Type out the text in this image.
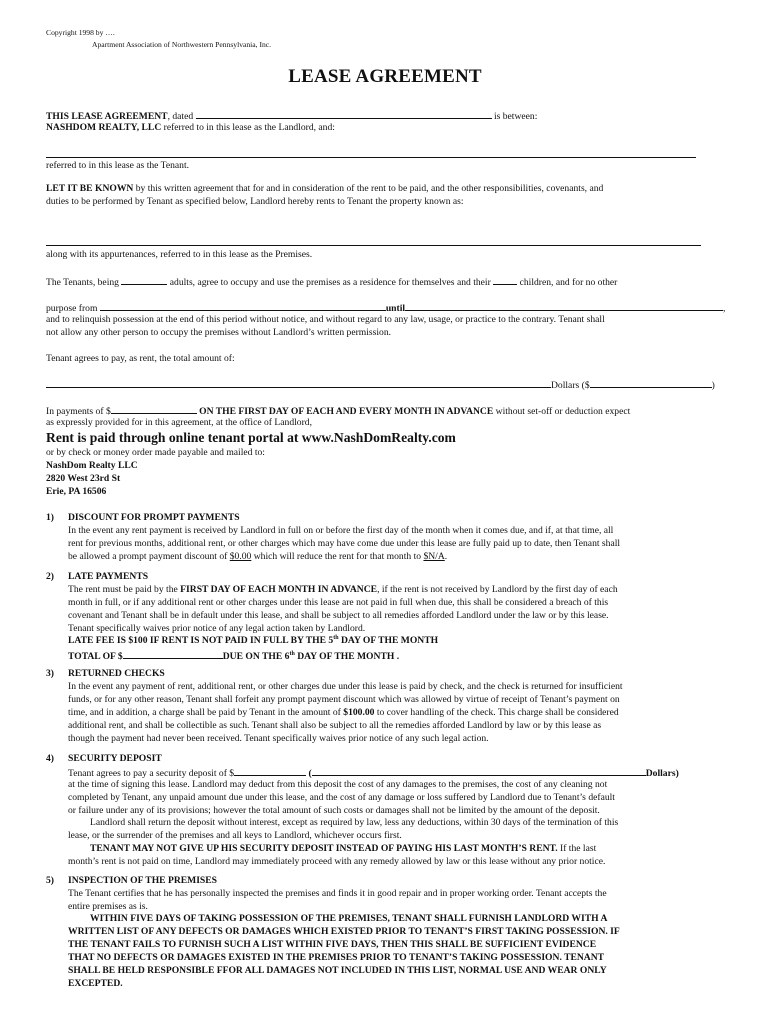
Copyright 1998 by ….
Apartment Association of Northwestern Pennsylvania, Inc.
LEASE AGREEMENT
THIS LEASE AGREEMENT, dated	is between:
NASHDOM REALTY, LLC referred to in this lease as the Landlord, and:
referred to in this lease as the Tenant.
LET IT BE KNOWN by this written agreement that for and in consideration of the rent to be paid, and the other responsibilities, covenants, and
duties to be performed by Tenant as specified below, Landlord hereby rents to Tenant the property known as:
along with its appurtenances, referred to in this lease as the Premises.
The Tenants, being	adults, agree to occupy and use the premises as a residence for themselves and their	children, and for no other
purpose from	until	,
and to relinquish possession at the end of this period without notice, and without regard to any law, usage, or practice to the contrary. Tenant shall
not allow any other person to occupy the premises without Landlord’s written permission.
Tenant agrees to pay, as rent, the total amount of:
Dollars ($	)
In payments of $	ON THE FIRST DAY OF EACH AND EVERY MONTH IN ADVANCE without set-off or deduction expect
as expressly provided for in this agreement, at the office of Landlord,
Rent is paid through online tenant portal at www.NashDomRealty.com
or by check or money order made payable and mailed to:
NashDom Realty LLC
2820 West 23rd St
Erie, PA 16506
1) DISCOUNT FOR PROMPT PAYMENTS
In the event any rent payment is received by Landlord in full on or before the first day of the month when it comes due, and if, at that time, all
rent for previous months, additional rent, or other charges which may have come due under this lease are fully paid up to date, then Tenant shall
be allowed a prompt payment discount of $0.00 which will reduce the rent for that month to $N/A.
2) LATE PAYMENTS
The rent must be paid by the FIRST DAY OF EACH MONTH IN ADVANCE, if the rent is not received by Landlord by the first day of each
month in full, or if any additional rent or other charges under this lease are not paid in full when due, this shall be considered a breach of this
covenant and Tenant shall be in default under this lease, and shall be subject to all remedies afforded Landlord under the law or by this lease.
Tenant specifically waives prior notice of any legal action taken by Landlord.
LATE FEE IS $100 IF RENT IS NOT PAID IN FULL BY THE 5th DAY OF THE MONTH
TOTAL OF $	DUE ON THE 6th DAY OF THE MONTH .
3) RETURNED CHECKS
In the event any payment of rent, additional rent, or other charges due under this lease is paid by check, and the check is returned for insufficient
funds, or for any other reason, Tenant shall forfeit any prompt payment discount which was allowed by virtue of receipt of Tenant’s payment on
time, and in addition, a charge shall be paid by Tenant in the amount of $100.00 to cover handling of the check. This charge shall be considered
additional rent, and shall be collectible as such. Tenant shall also be subject to all the remedies afforded Landlord by law or by this lease as
though the payment had never been received. Tenant specifically waives prior notice of any such legal action.
4) SECURITY DEPOSIT
Tenant agrees to pay a security deposit of $	(	Dollars)
at the time of signing this lease. Landlord may deduct from this deposit the cost of any damages to the premises, the cost of any cleaning not
completed by Tenant, any unpaid amount due under this lease, and the cost of any damage or loss suffered by Landlord due to Tenant’s default
or failure under any of its provisions; however the total amount of such costs or damages shall not be limited by the amount of the deposit.
Landlord shall return the deposit without interest, except as required by law, less any deductions, within 30 days of the termination of this
lease, or the surrender of the premises and all keys to Landlord, whichever occurs first.
TENANT MAY NOT GIVE UP HIS SECURITY DEPOSIT INSTEAD OF PAYING HIS LAST MONTH’S RENT. If the last
month’s rent is not paid on time, Landlord may immediately proceed with any remedy allowed by law or this lease without any prior notice.
5) INSPECTION OF THE PREMISES
The Tenant certifies that he has personally inspected the premises and finds it in good repair and in proper working order. Tenant accepts the
entire premises as is.
WITHIN FIVE DAYS OF TAKING POSSESSION OF THE PREMISES, TENANT SHALL FURNISH LANDLORD WITH A
WRITTEN LIST OF ANY DEFECTS OR DAMAGES WHICH EXISTED PRIOR TO TENANT’S FIRST TAKING POSSESSION. IF
THE TENANT FAILS TO FURNISH SUCH A LIST WITHIN FIVE DAYS, THEN THIS SHALL BE SUFFICIENT EVIDENCE
THAT NO DEFECTS OR DAMAGES EXISTED IN THE PREMISES PRIOR TO TENANT’S TAKING POSSESSION. TENANT
SHALL BE HELD RESPONSIBLE FFOR ALL DAMAGES NOT INCLUDED IN THIS LIST, NORMAL USE AND WEAR ONLY
EXCEPTED.
